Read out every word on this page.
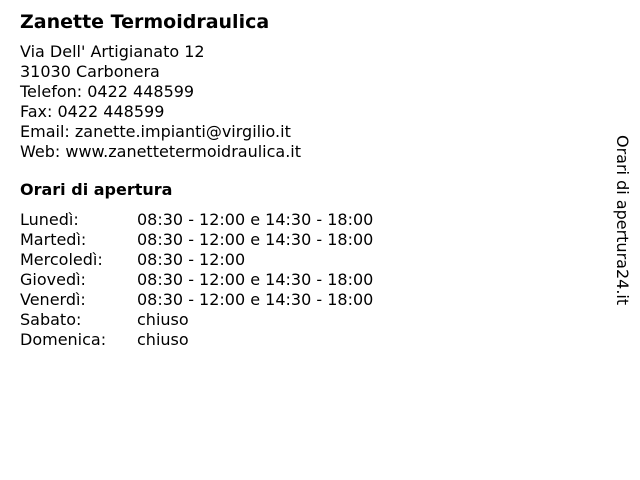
Zanette Termoidraulica
Via Dell' Artigianato 12
31030 Carbonera
Telefon: 0422 448599
Fax: 0422 448599
Email: zanette.impianti@virgilio.it
Web: www.zanettetermoidraulica.it
Orari di apertura
Lunedì:	08:30 - 12:00 e 14:30 - 18:00
Martedì:	08:30 - 12:00 e 14:30 - 18:00
Mercoledì:	08:30 - 12:00
Giovedì:	08:30 - 12:00 e 14:30 - 18:00
Venerdì:	08:30 - 12:00 e 14:30 - 18:00
Sabato:	chiuso
Domenica:	chiuso
Orari di apertura24.it
